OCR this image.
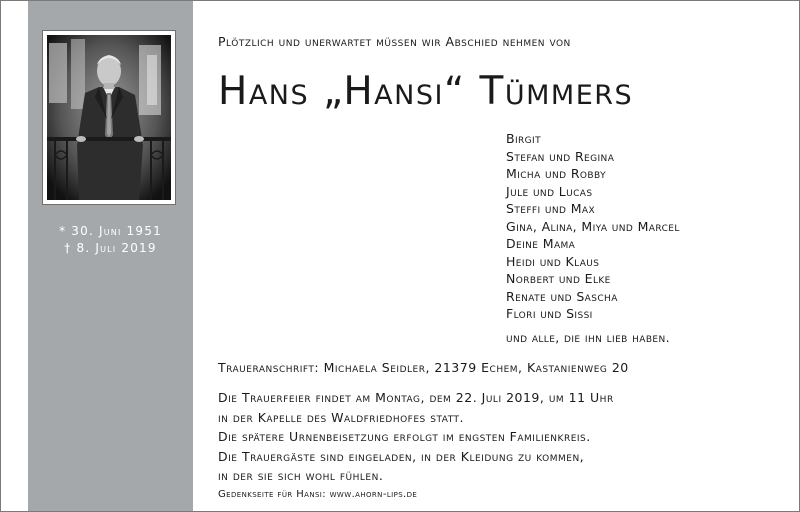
* 30. Juni 1951
† 8. Juli 2019
Plötzlich und unerwartet müssen wir Abschied nehmen von
Hans „Hansi“ Tümmers
Birgit
Stefan und Regina
Micha und Robby
Jule und Lucas
Steffi und Max
Gina, Alina, Miya und Marcel
Deine Mama
Heidi und Klaus
Norbert und Elke
Renate und Sascha
Flori und Sissi
und alle, die ihn lieb haben.
Traueranschrift: Michaela Seidler, 21379 Echem, Kastanienweg 20
Die Trauerfeier findet am Montag, dem 22. Juli 2019, um 11 Uhr
in der Kapelle des Waldfriedhofes statt.
Die spätere Urnenbeisetzung erfolgt im engsten Familienkreis.
Die Trauergäste sind eingeladen, in der Kleidung zu kommen,
in der sie sich wohl fühlen.
Gedenkseite für Hansi: www.ahorn-lips.de
